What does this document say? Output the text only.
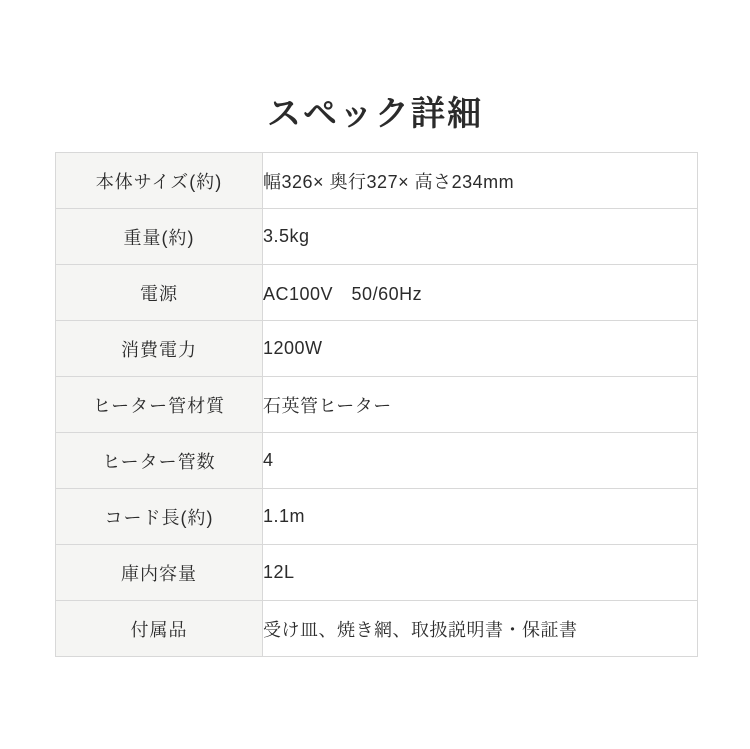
スペック詳細
本体サイズ(約)	幅326× 奥行327× 高さ234mm
重量(約)	3.5kg
電源	AC100V　50/60Hz
消費電力	1200W
ヒーター管材質	石英管ヒーター
ヒーター管数	4
コード長(約)	1.1m
庫内容量	12L
付属品	受け皿、焼き網、取扱説明書・保証書
